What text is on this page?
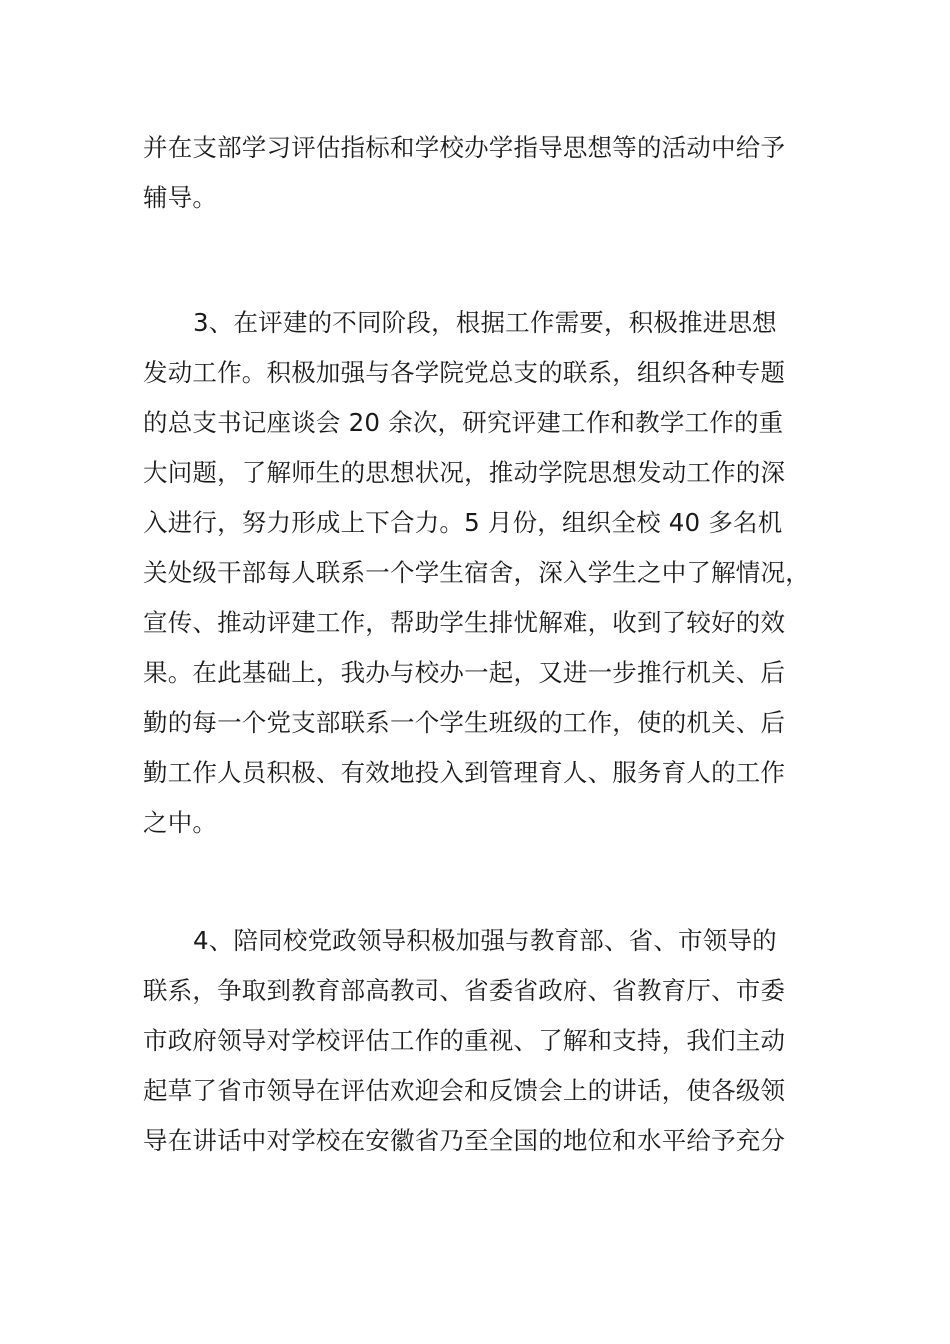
并在支部学习评估指标和学校办学指导思想等的活动中给予
辅导。
3、在评建的不同阶段，根据工作需要，积极推进思想
发动工作。积极加强与各学院党总支的联系，组织各种专题
的总支书记座谈会 20 余次，研究评建工作和教学工作的重
大问题，了解师生的思想状况，推动学院思想发动工作的深
入进行，努力形成上下合力。5 月份，组织全校 40 多名机
关处级干部每人联系一个学生宿舍，深入学生之中了解情况，
宣传、推动评建工作，帮助学生排忧解难，收到了较好的效
果。在此基础上，我办与校办一起，又进一步推行机关、后
勤的每一个党支部联系一个学生班级的工作，使的机关、后
勤工作人员积极、有效地投入到管理育人、服务育人的工作
之中。
4、陪同校党政领导积极加强与教育部、省、市领导的
联系，争取到教育部高教司、省委省政府、省教育厅、市委
市政府领导对学校评估工作的重视、了解和支持，我们主动
起草了省市领导在评估欢迎会和反馈会上的讲话，使各级领
导在讲话中对学校在安徽省乃至全国的地位和水平给予充分
